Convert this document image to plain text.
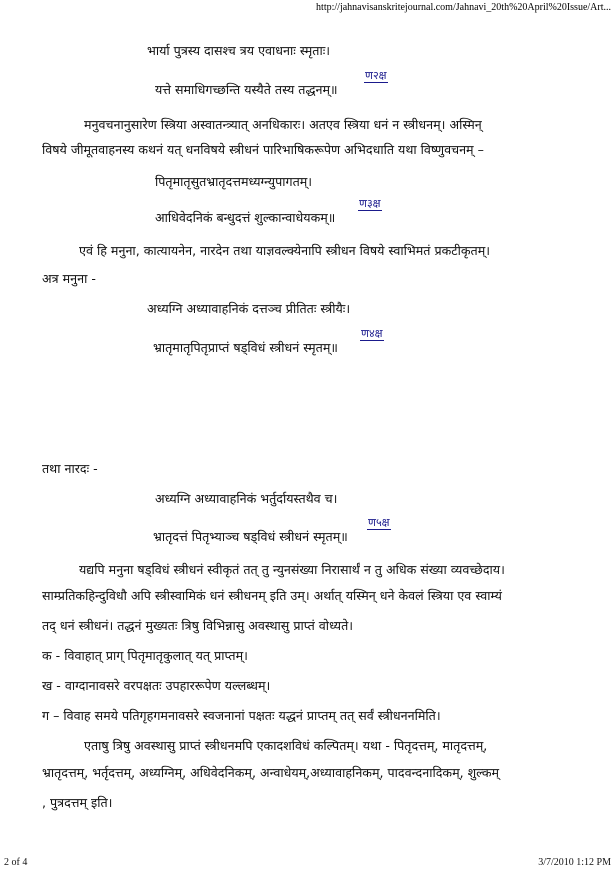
http://jahnavisanskritejournal.com/Jahnavi_20th%20April%20Issue/Art...
भार्या पुत्रस्य दासश्च त्रय एवाधनाः स्मृताः।
यत्ते समाधिगच्छन्ति यस्यैते तस्य तद्धनम्॥
ण२क्ष
मनुवचनानुसारेण स्त्रिया अस्वातन्त्र्यात् अनधिकारः। अतएव स्त्रिया धनं न स्त्रीधनम्। अस्मिन्
विषये जीमूतवाहनस्य कथनं यत् धनविषये स्त्रीधनं पारिभाषिकरूपेण अभिदधाति यथा विष्णुवचनम् –
पितृमातृसुतभ्रातृदत्तमध्यग्न्युपागतम्।
आधिवेदनिकं बन्धुदत्तं शुल्कान्वाधेयकम्॥
ण३क्ष
एवं हि मनुना, कात्यायनेन, नारदेन तथा याज्ञवल्क्येनापि स्त्रीधन विषये स्वाभिमतं प्रकटीकृतम्।
अत्र मनुना -
अध्यग्नि अध्यावाहनिकं दत्तञ्च प्रीतितः स्त्रीयैः।
भ्रातृमातृपितृप्राप्तं षड्विधं स्त्रीधनं स्मृतम्॥
ण४क्ष
तथा नारदः -
अध्यग्नि अध्यावाहनिकं भर्तुर्दायस्तथैव च।
भ्रातृदत्तं पितृभ्याञ्च षड्विधं स्त्रीधनं स्मृतम्॥
ण५क्ष
यद्यपि मनुना षड्विधं स्त्रीधनं स्वीकृतं तत् तु न्युनसंख्या निरासार्थं न तु अधिक संख्या व्यवच्छेदाय।
साम्प्रतिकहिन्दुविधौ अपि स्त्रीस्वामिकं धनं स्त्रीधनम् इति उम्। अर्थात् यस्मिन् धने केवलं स्त्रिया एव स्वाम्यं
तद् धनं स्त्रीधनं। तद्धनं मुख्यतः त्रिषु विभिन्नासु अवस्थासु प्राप्तं वोध्यते।
क - विवाहात् प्राग् पितृमातृकुलात् यत् प्राप्तम्।
ख - वाग्दानावसरे वरपक्षतः उपहाररूपेण यल्लब्धम्।
ग – विवाह समये पतिगृहगमनावसरे स्वजनानां पक्षतः यद्धनं प्राप्तम् तत् सर्वं स्त्रीधननमिति।
एताषु त्रिषु अवस्थासु प्राप्तं स्त्रीधनमपि एकादशविधं कल्पितम्। यथा - पितृदत्तम्, मातृदत्तम्,
भ्रातृदत्तम्, भर्तृदत्तम्, अध्यग्निम्, अधिवेदनिकम्, अन्वाधेयम्,अध्यावाहनिकम्, पादवन्दनादिकम्, शुल्कम्
, पुत्रदत्तम् इति।
2 of 4	3/7/2010 1:12 PM
